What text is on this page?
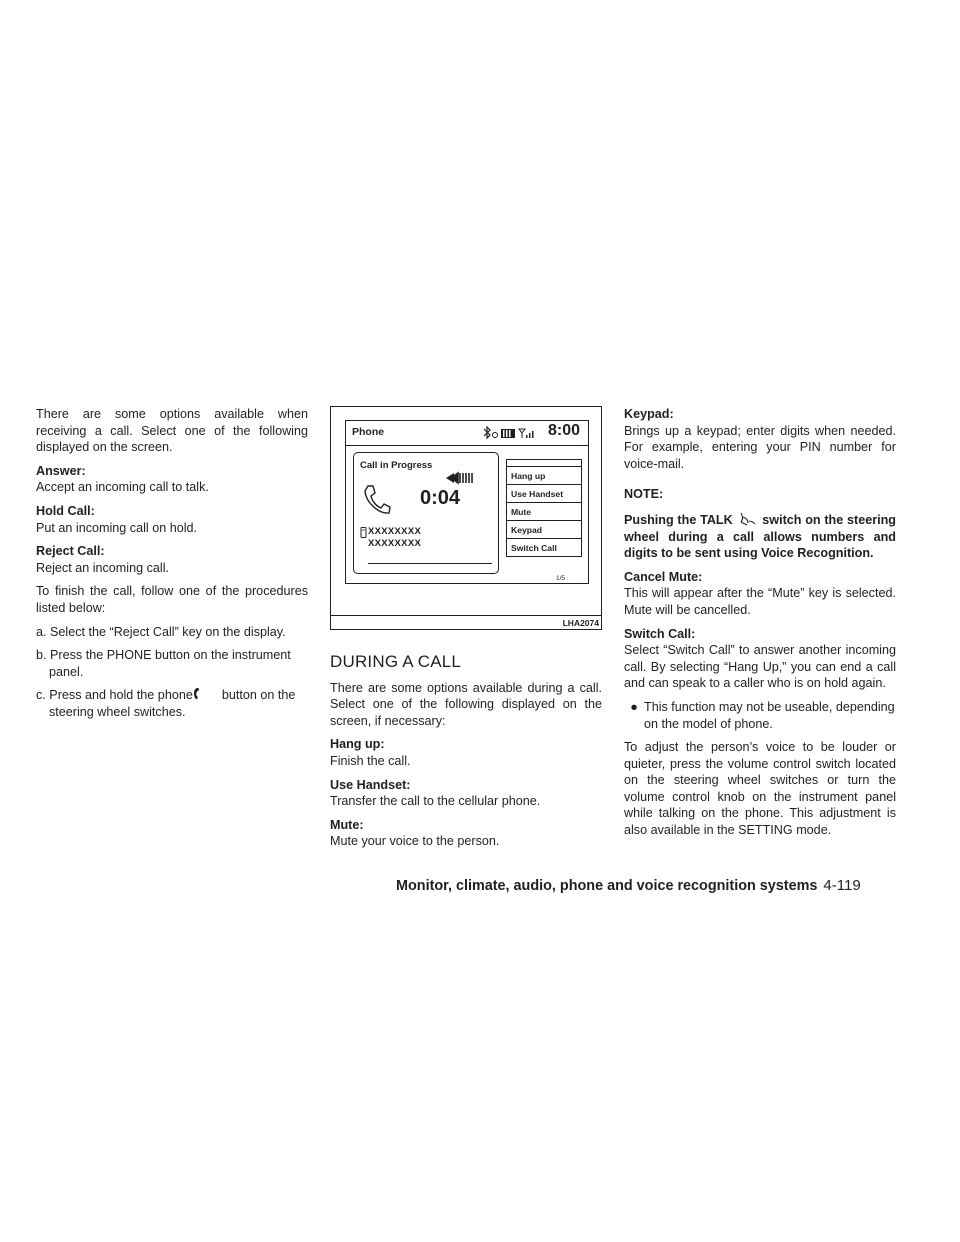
There are some options available when receiving a call. Select one of the following displayed on the screen.

Answer:

Accept an incoming call to talk.

Hold Call:

Put an incoming call on hold.

Reject Call:

Reject an incoming call.

To finish the call, follow one of the procedures listed below:

a. Select the “Reject Call” key on the display.

b. Press the PHONE button on the instrument panel.

c. Press and hold the phone button on the steering wheel switches.

Phone	8:00
Call in Progress
0:04
XXXXXXXX
XXXXXXXX
Hang up
Use Handset
Mute
Keypad
Switch Call
1/5
LHA2074
DURING A CALL

There are some options available during a call. Select one of the following displayed on the screen, if necessary:

Hang up:

Finish the call.

Use Handset:

Transfer the call to the cellular phone.

Mute:

Mute your voice to the person.

Keypad:

Brings up a keypad; enter digits when needed. For example, entering your PIN number for voice-mail.

NOTE:

Pushing the TALK switch on the steering wheel during a call allows numbers and digits to be sent using Voice Recognition.

Cancel Mute:

This will appear after the “Mute” key is selected. Mute will be cancelled.

Switch Call:

Select “Switch Call” to answer another incoming call. By selecting “Hang Up,” you can end a call and can speak to a caller who is on hold again.

● This function may not be useable, depending on the model of phone.

To adjust the person’s voice to be louder or quieter, press the volume control switch located on the steering wheel switches or turn the volume control knob on the instrument panel while talking on the phone. This adjustment is also available in the SETTING mode.

Monitor, climate, audio, phone and voice recognition systems 4-119
